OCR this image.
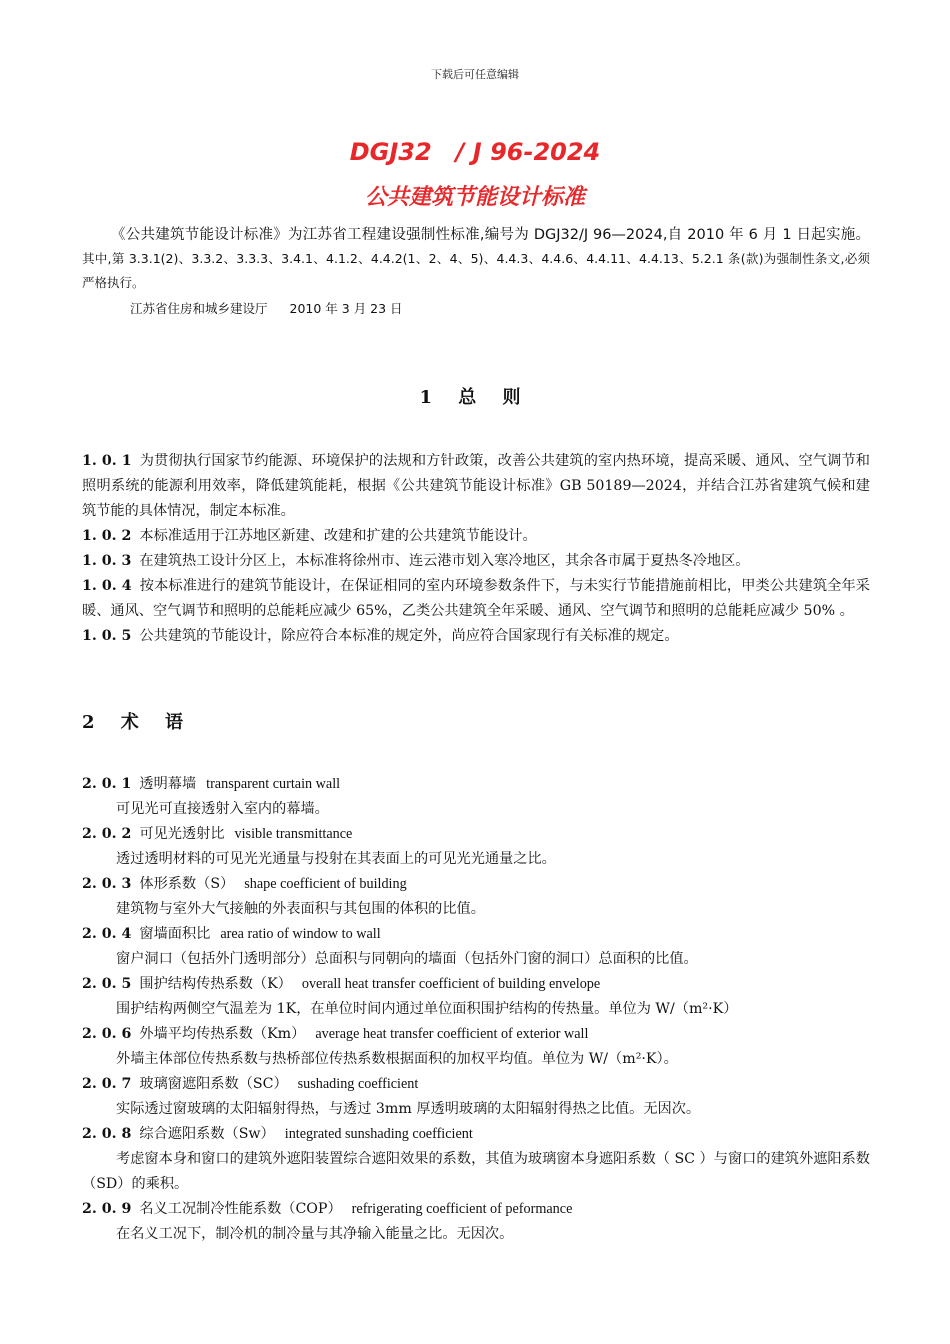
下载后可任意编辑
DGJ32　/ J 96-2024
公共建筑节能设计标准
《公共建筑节能设计标准》为江苏省工程建设强制性标准,编号为 DGJ32/J 96—2024,自 2010 年 6 月 1 日起实施。其中,第 3.3.1(2)、3.3.2、3.3.3、3.4.1、4.1.2、4.4.2(1、2、4、5)、4.4.3、4.4.6、4.4.11、4.4.13、5.2.1 条(款)为强制性条文,必须严格执行。
江苏省住房和城乡建设厅 2010 年 3 月 23 日
1 总 则

1. 0. 1 为贯彻执行国家节约能源、环境保护的法规和方针政策，改善公共建筑的室内热环境，提高采暖、通风、空气调节和照明系统的能源利用效率，降低建筑能耗，根据《公共建筑节能设计标准》GB 50189—2024，并结合江苏省建筑气候和建筑节能的具体情况，制定本标准。

1. 0. 2 本标准适用于江苏地区新建、改建和扩建的公共建筑节能设计。

1. 0. 3 在建筑热工设计分区上，本标准将徐州市、连云港市划入寒冷地区，其余各市属于夏热冬冷地区。

1. 0. 4 按本标准进行的建筑节能设计，在保证相同的室内环境参数条件下，与未实行节能措施前相比，甲类公共建筑全年采暖、通风、空气调节和照明的总能耗应减少 65%，乙类公共建筑全年采暖、通风、空气调节和照明的总能耗应减少 50% 。

1. 0. 5 公共建筑的节能设计，除应符合本标准的规定外，尚应符合国家现行有关标准的规定。

2 术 语

2. 0. 1 透明幕墙 transparent curtain wall

可见光可直接透射入室内的幕墙。

2. 0. 2 可见光透射比 visible transmittance

透过透明材料的可见光光通量与投射在其表面上的可见光光通量之比。

2. 0. 3 体形系数（S） shape coefficient of building

建筑物与室外大气接触的外表面积与其包围的体积的比值。

2. 0. 4 窗墙面积比 area ratio of window to wall

窗户洞口（包括外门透明部分）总面积与同朝向的墙面（包括外门窗的洞口）总面积的比值。

2. 0. 5 围护结构传热系数（K） overall heat transfer coefficient of building envelope

围护结构两侧空气温差为 1K，在单位时间内通过单位面积围护结构的传热量。单位为 W/（m²·K）

2. 0. 6 外墙平均传热系数（Km） average heat transfer coefficient of exterior wall

外墙主体部位传热系数与热桥部位传热系数根据面积的加权平均值。单位为 W/（m²·K）。

2. 0. 7 玻璃窗遮阳系数（SC） sushading coefficient

实际透过窗玻璃的太阳辐射得热，与透过 3mm 厚透明玻璃的太阳辐射得热之比值。无因次。

2. 0. 8 综合遮阳系数（Sw） integrated sunshading coefficient

考虑窗本身和窗口的建筑外遮阳装置综合遮阳效果的系数，其值为玻璃窗本身遮阳系数（ SC ）与窗口的建筑外遮阳系数（SD）的乘积。

2. 0. 9 名义工况制冷性能系数（COP） refrigerating coefficient of peformance

在名义工况下，制冷机的制冷量与其净输入能量之比。无因次。
